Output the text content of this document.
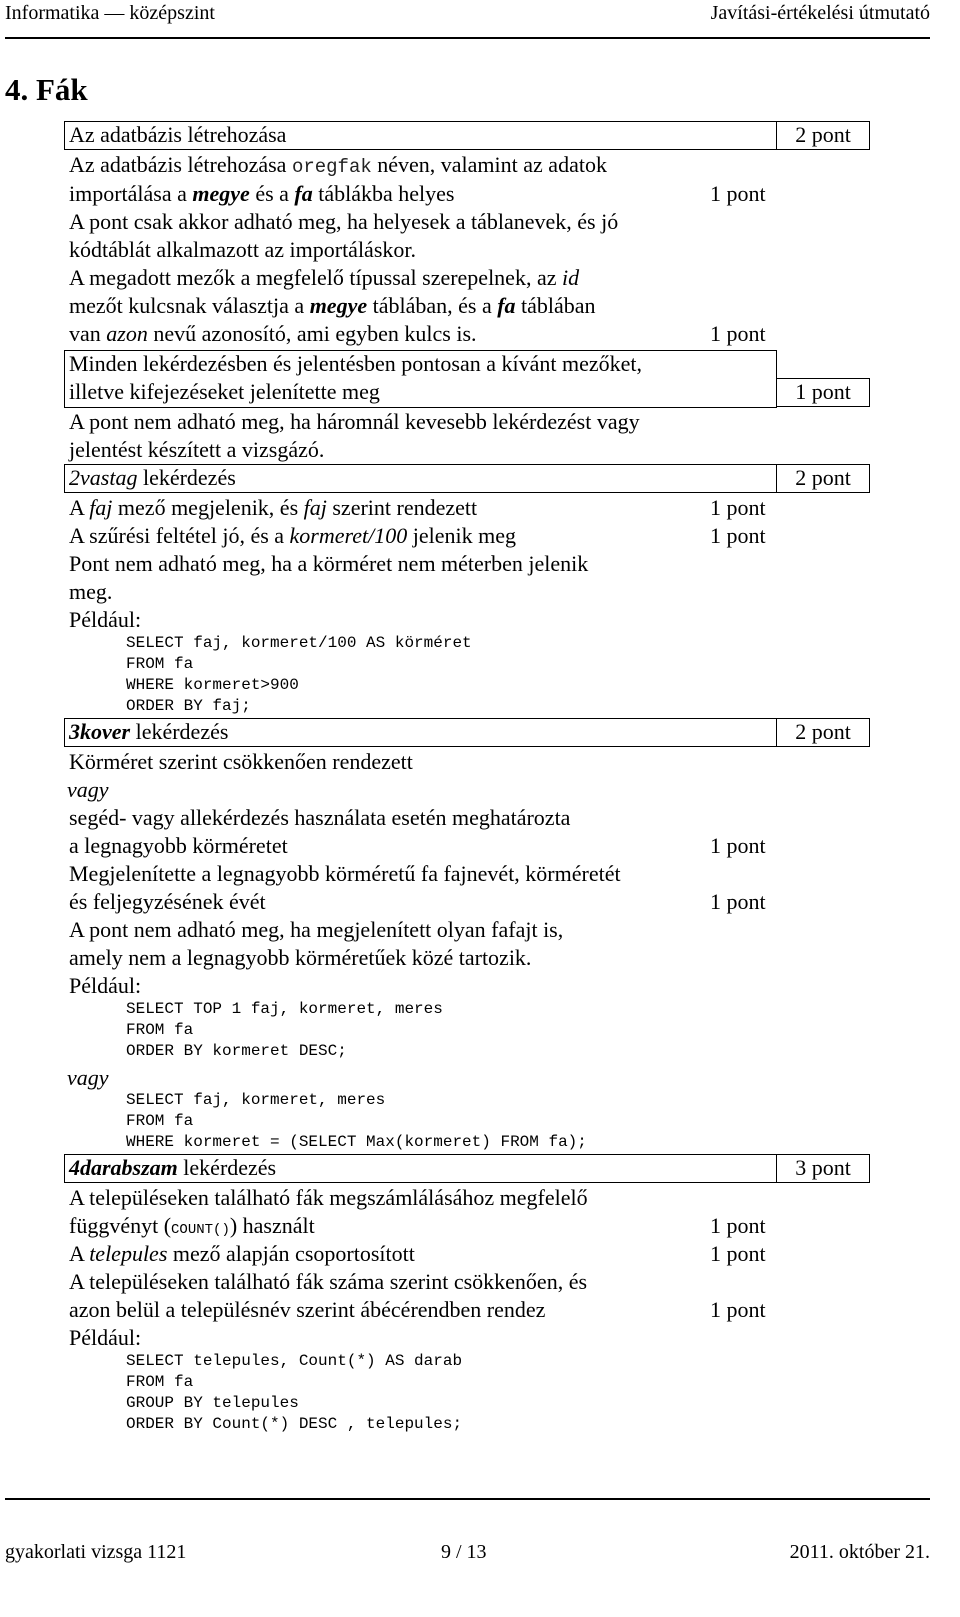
Informatika — középszint	Javítási-értékelési útmutató
4. Fák
Az adatbázis létrehozása	2 pont
Az adatbázis létrehozása oregfak néven, valamint az adatok
importálása a megye és a fa táblákba helyes	1 pont
A pont csak akkor adható meg, ha helyesek a táblanevek, és jó
kódtáblát alkalmazott az importáláskor.
A megadott mezők a megfelelő típussal szerepelnek, az id
mezőt kulcsnak választja a megye táblában, és a fa táblában
van azon nevű azonosító, ami egyben kulcs is.	1 pont
Minden lekérdezésben és jelentésben pontosan a kívánt mezőket,
illetve kifejezéseket jelenítette meg	1 pont
A pont nem adható meg, ha háromnál kevesebb lekérdezést vagy
jelentést készített a vizsgázó.
2vastag lekérdezés	2 pont
A faj mező megjelenik, és faj szerint rendezett	1 pont
A szűrési feltétel jó, és a kormeret/100 jelenik meg	1 pont
Pont nem adható meg, ha a körméret nem méterben jelenik
meg.
Például:
SELECT faj, kormeret/100 AS körméret
FROM fa
WHERE kormeret>900
ORDER BY faj;
3kover lekérdezés	2 pont
Körméret szerint csökkenően rendezett
vagy
segéd- vagy allekérdezés használata esetén meghatározta
a legnagyobb körméretet	1 pont
Megjelenítette a legnagyobb körméretű fa fajnevét, körméretét
és feljegyzésének évét	1 pont
A pont nem adható meg, ha megjelenített olyan fafajt is,
amely nem a legnagyobb körméretűek közé tartozik.
Például:
SELECT TOP 1 faj, kormeret, meres
FROM fa
ORDER BY kormeret DESC;
vagy
SELECT faj, kormeret, meres
FROM fa
WHERE kormeret = (SELECT Max(kormeret) FROM fa);
4darabszam lekérdezés	3 pont
A településeken található fák megszámlálásához megfelelő
függvényt (COUNT()) használt	1 pont
A telepules mező alapján csoportosított	1 pont
A településeken található fák száma szerint csökkenően, és
azon belül a településnév szerint ábécérendben rendez	1 pont
Például:
SELECT telepules, Count(*) AS darab
FROM fa
GROUP BY telepules
ORDER BY Count(*) DESC , telepules;
gyakorlati vizsga 1121	9 / 13	2011. október 21.
